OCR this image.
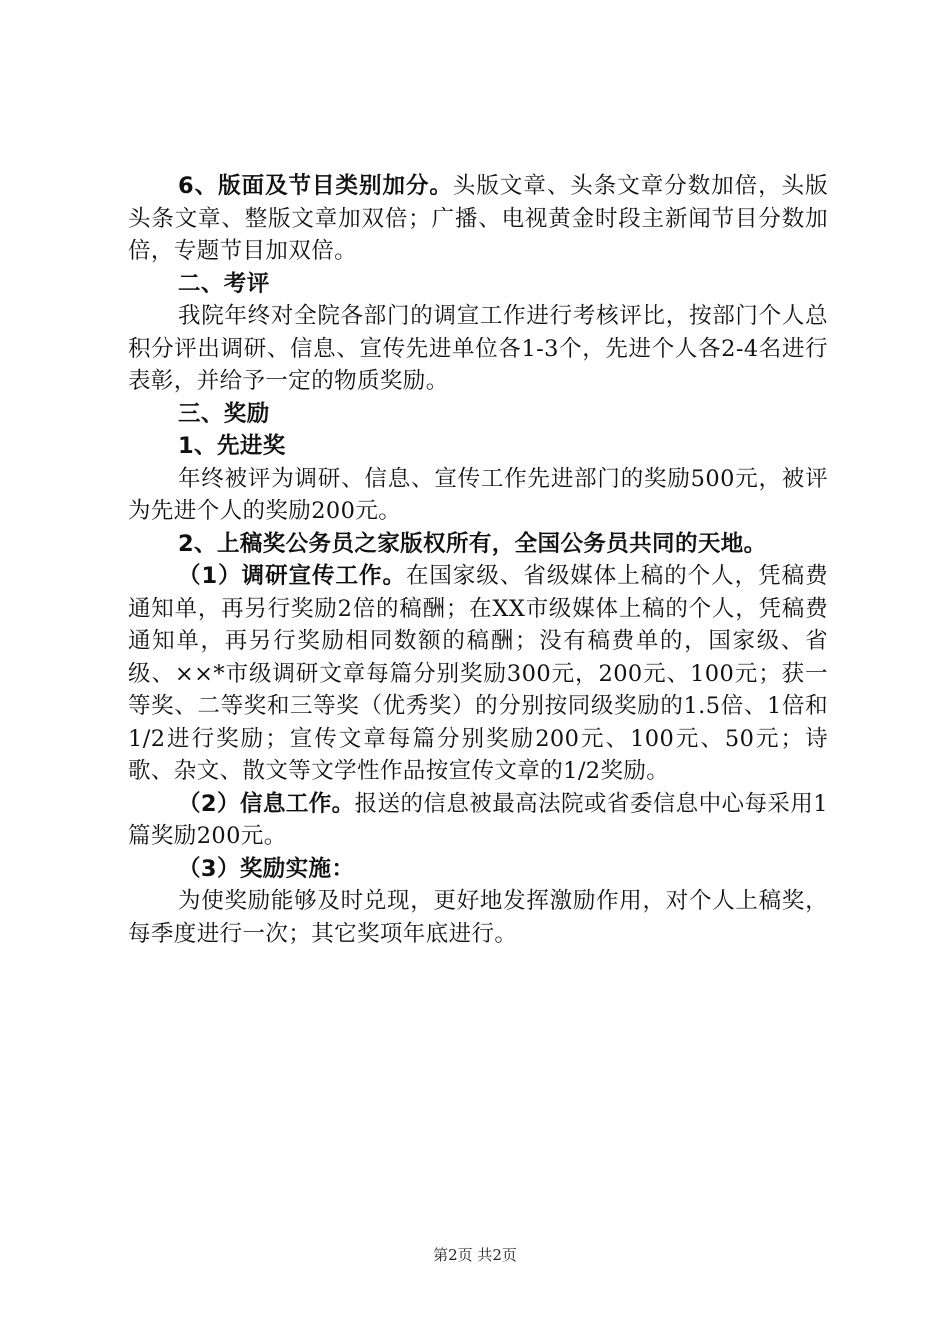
6、版面及节目类别加分。头版文章、头条文章分数加倍，头版头条文章、整版文章加双倍；广播、电视黄金时段主新闻节目分数加倍，专题节目加双倍。

二、考评

我院年终对全院各部门的调宣工作进行考核评比，按部门个人总积分评出调研、信息、宣传先进单位各1-3个，先进个人各2-4名进行表彰，并给予一定的物质奖励。

三、奖励

1、先进奖

年终被评为调研、信息、宣传工作先进部门的奖励500元，被评为先进个人的奖励200元。

2、上稿奖公务员之家版权所有，全国公务员共同的天地。

（1）调研宣传工作。在国家级、省级媒体上稿的个人，凭稿费通知单，再另行奖励2倍的稿酬；在XX市级媒体上稿的个人，凭稿费通知单，再另行奖励相同数额的稿酬；没有稿费单的，国家级、省级、××*市级调研文章每篇分别奖励300元，200元、100元；获一等奖、二等奖和三等奖（优秀奖）的分别按同级奖励的1.5倍、1倍和1/2进行奖励；宣传文章每篇分别奖励200元、100元、50元；诗歌、杂文、散文等文学性作品按宣传文章的1/2奖励。

（2）信息工作。报送的信息被最高法院或省委信息中心每采用1篇奖励200元。

（3）奖励实施：

为使奖励能够及时兑现，更好地发挥激励作用，对个人上稿奖，每季度进行一次；其它奖项年底进行。

第2页 共2页
